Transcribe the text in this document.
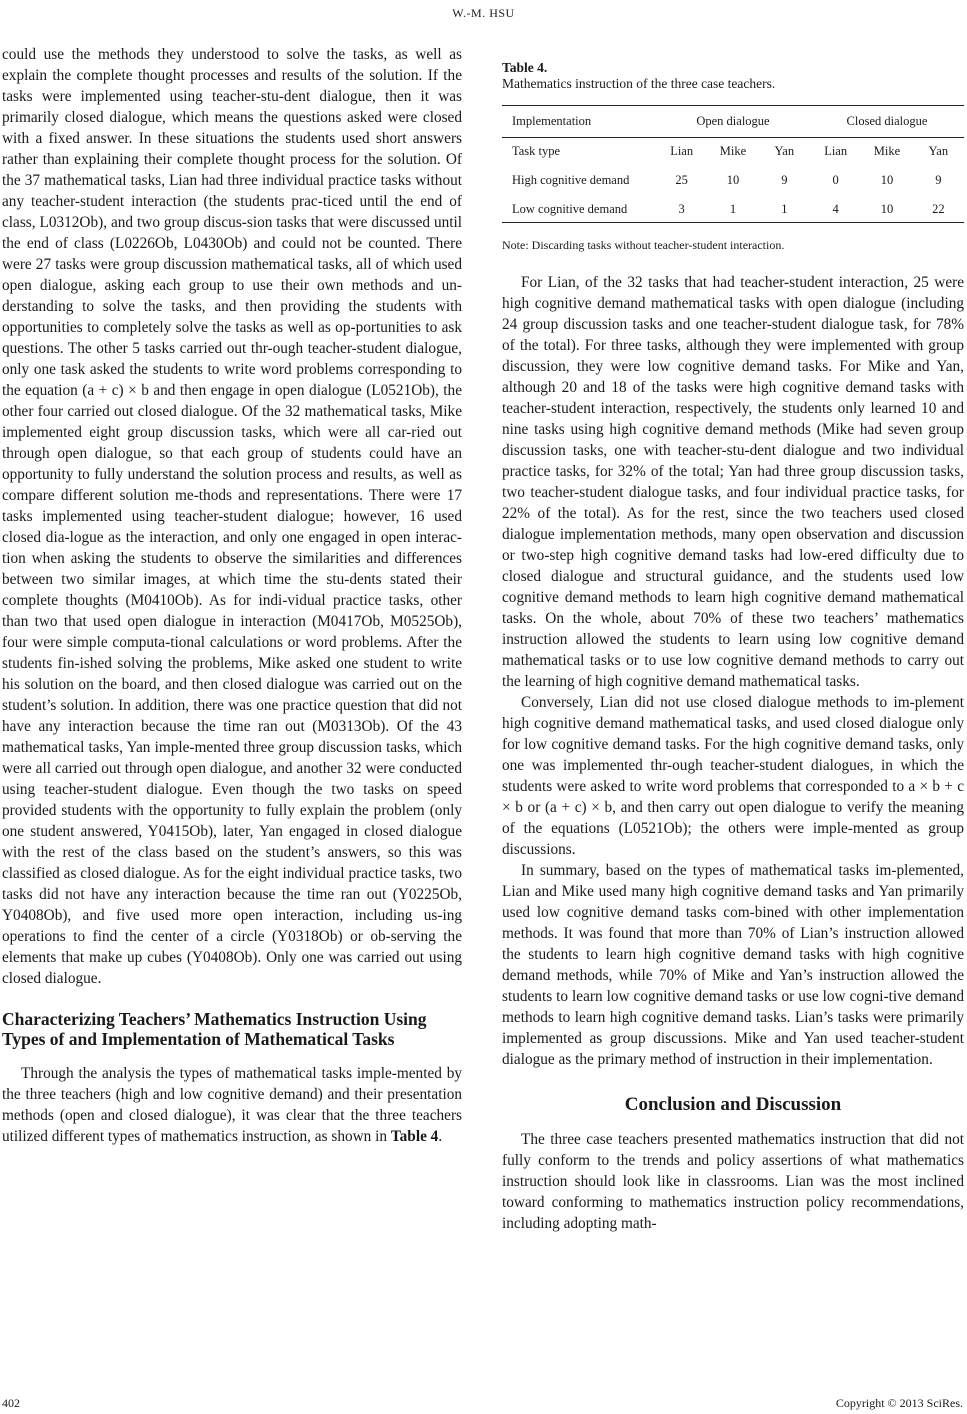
W.-M. HSU

could use the methods they understood to solve the tasks, as well as explain the complete thought processes and results of the solution. If the tasks were implemented using teacher-stu-dent dialogue, then it was primarily closed dialogue, which means the questions asked were closed with a fixed answer. In these situations the students used short answers rather than explaining their complete thought process for the solution. Of the 37 mathematical tasks, Lian had three individual practice tasks without any teacher-student interaction (the students prac-ticed until the end of class, L0312Ob), and two group discus-sion tasks that were discussed until the end of class (L0226Ob, L0430Ob) and could not be counted. There were 27 tasks were group discussion mathematical tasks, all of which used open dialogue, asking each group to use their own methods and un-derstanding to solve the tasks, and then providing the students with opportunities to completely solve the tasks as well as op-portunities to ask questions. The other 5 tasks carried out thr-ough teacher-student dialogue, only one task asked the students to write word problems corresponding to the equation (a + c) × b and then engage in open dialogue (L0521Ob), the other four carried out closed dialogue. Of the 32 mathematical tasks, Mike implemented eight group discussion tasks, which were all car-ried out through open dialogue, so that each group of students could have an opportunity to fully understand the solution process and results, as well as compare different solution me-thods and representations. There were 17 tasks implemented using teacher-student dialogue; however, 16 used closed dia-logue as the interaction, and only one engaged in open interac-tion when asking the students to observe the similarities and differences between two similar images, at which time the stu-dents stated their complete thoughts (M0410Ob). As for indi-vidual practice tasks, other than two that used open dialogue in interaction (M0417Ob, M0525Ob), four were simple computa-tional calculations or word problems. After the students fin-ished solving the problems, Mike asked one student to write his solution on the board, and then closed dialogue was carried out on the student’s solution. In addition, there was one practice question that did not have any interaction because the time ran out (M0313Ob). Of the 43 mathematical tasks, Yan imple-mented three group discussion tasks, which were all carried out through open dialogue, and another 32 were conducted using teacher-student dialogue. Even though the two tasks on speed provided students with the opportunity to fully explain the problem (only one student answered, Y0415Ob), later, Yan engaged in closed dialogue with the rest of the class based on the student’s answers, so this was classified as closed dialogue. As for the eight individual practice tasks, two tasks did not have any interaction because the time ran out (Y0225Ob, Y0408Ob), and five used more open interaction, including us-ing operations to find the center of a circle (Y0318Ob) or ob-serving the elements that make up cubes (Y0408Ob). Only one was carried out using closed dialogue.

Characterizing Teachers’ Mathematics Instruction Using Types of and Implementation of Mathematical Tasks

Through the analysis the types of mathematical tasks imple-mented by the three teachers (high and low cognitive demand) and their presentation methods (open and closed dialogue), it was clear that the three teachers utilized different types of mathematics instruction, as shown in Table 4.

Table 4.
Mathematics instruction of the three case teachers.
Implementation	Open dialogue			Closed dialogue		
Task type	Lian	Mike	Yan	Lian	Mike	Yan
High cognitive demand	25	10	9	0	10	9
Low cognitive demand	3	1	1	4	10	22
Note: Discarding tasks without teacher-student interaction.

For Lian, of the 32 tasks that had teacher-student interaction, 25 were high cognitive demand mathematical tasks with open dialogue (including 24 group discussion tasks and one teacher-student dialogue task, for 78% of the total). For three tasks, although they were implemented with group discussion, they were low cognitive demand tasks. For Mike and Yan, although 20 and 18 of the tasks were high cognitive demand tasks with teacher-student interaction, respectively, the students only learned 10 and nine tasks using high cognitive demand methods (Mike had seven group discussion tasks, one with teacher-stu-dent dialogue and two individual practice tasks, for 32% of the total; Yan had three group discussion tasks, two teacher-student dialogue tasks, and four individual practice tasks, for 22% of the total). As for the rest, since the two teachers used closed dialogue implementation methods, many open observation and discussion or two-step high cognitive demand tasks had low-ered difficulty due to closed dialogue and structural guidance, and the students used low cognitive demand methods to learn high cognitive demand mathematical tasks. On the whole, about 70% of these two teachers’ mathematics instruction allowed the students to learn using low cognitive demand mathematical tasks or to use low cognitive demand methods to carry out the learning of high cognitive demand mathematical tasks.

Conversely, Lian did not use closed dialogue methods to im-plement high cognitive demand mathematical tasks, and used closed dialogue only for low cognitive demand tasks. For the high cognitive demand tasks, only one was implemented thr-ough teacher-student dialogues, in which the students were asked to write word problems that corresponded to a × b + c × b or (a + c) × b, and then carry out open dialogue to verify the meaning of the equations (L0521Ob); the others were imple-mented as group discussions.

In summary, based on the types of mathematical tasks im-plemented, Lian and Mike used many high cognitive demand tasks and Yan primarily used low cognitive demand tasks com-bined with other implementation methods. It was found that more than 70% of Lian’s instruction allowed the students to learn high cognitive demand tasks with high cognitive demand methods, while 70% of Mike and Yan’s instruction allowed the students to learn low cognitive demand tasks or use low cogni-tive demand methods to learn high cognitive demand tasks. Lian’s tasks were primarily implemented as group discussions. Mike and Yan used teacher-student dialogue as the primary method of instruction in their implementation.

Conclusion and Discussion

The three case teachers presented mathematics instruction that did not fully conform to the trends and policy assertions of what mathematics instruction should look like in classrooms. Lian was the most inclined toward conforming to mathematics instruction policy recommendations, including adopting math-

402	Copyright © 2013 SciRes.
